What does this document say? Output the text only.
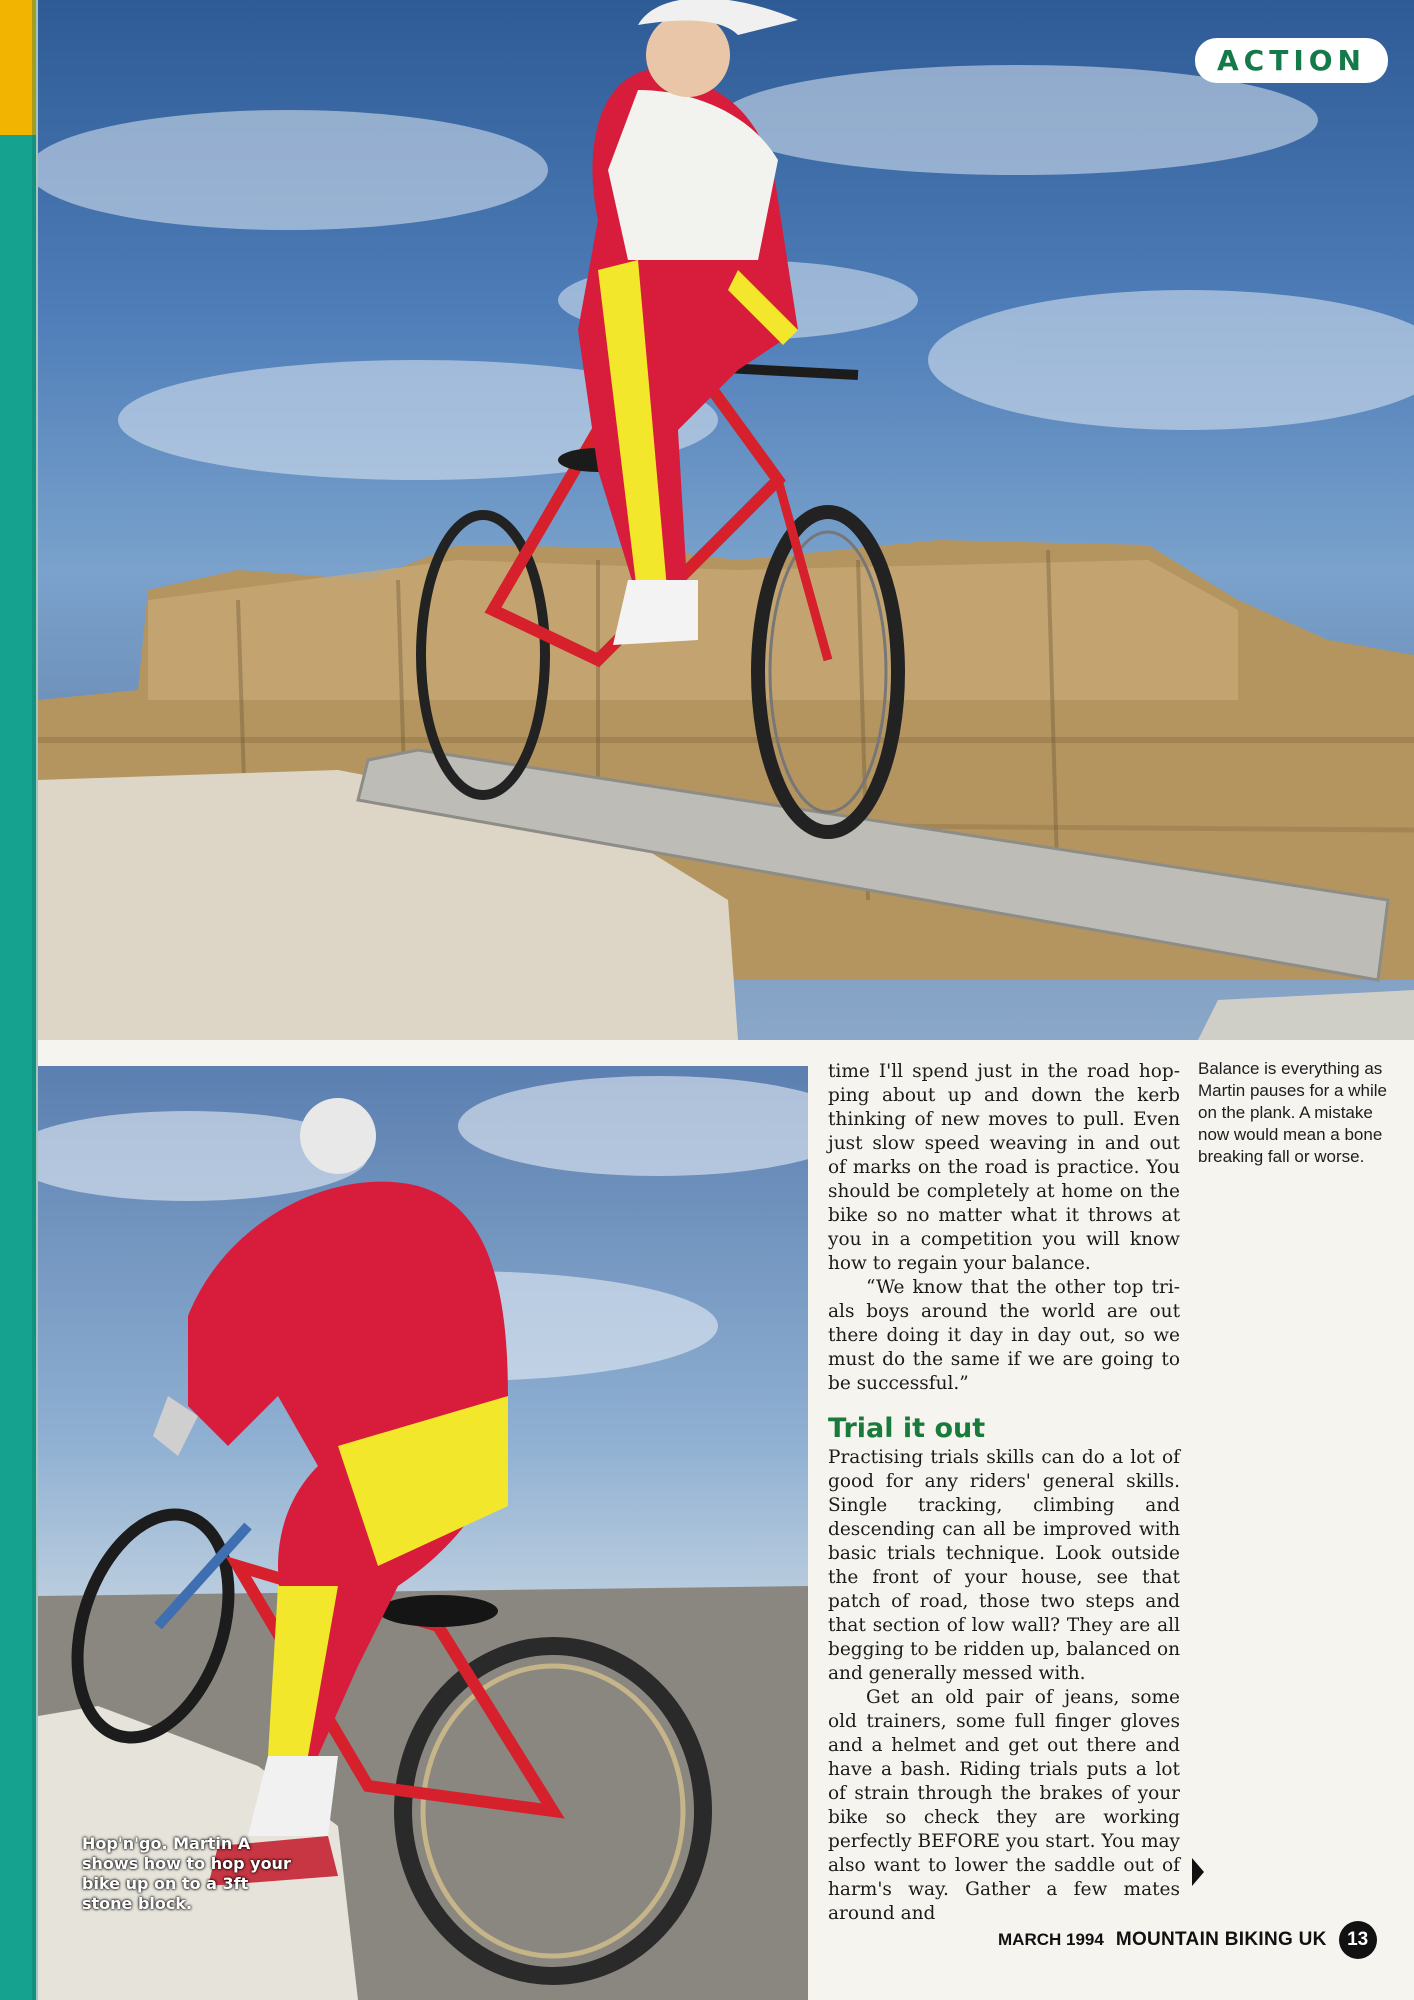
ACTION
Hop'n'go. Martin A shows how to hop your bike up on to a 3ft stone block.

time I'll spend just in the road hop-ping about up and down the kerb thinking of new moves to pull. Even just slow speed weaving in and out of marks on the road is practice. You should be completely at home on the bike so no matter what it throws at you in a competition you will know how to regain your balance.

“We know that the other top tri-als boys around the world are out there doing it day in day out, so we must do the same if we are going to be successful.”

Trial it out

Practising trials skills can do a lot of good for any riders' general skills. Single tracking, climbing and descending can all be improved with basic trials technique. Look outside the front of your house, see that patch of road, those two steps and that section of low wall? They are all begging to be ridden up, balanced on and generally messed with.

Get an old pair of jeans, some old trainers, some full finger gloves and a helmet and get out there and have a bash. Riding trials puts a lot of strain through the brakes of your bike so check they are working perfectly BEFORE you start. You may also want to lower the saddle out of harm's way. Gather a few mates around and

Balance is everything as Martin pauses for a while on the plank. A mistake now would mean a bone breaking fall or worse.
MARCH 1994 MOUNTAIN BIKING UK	13
